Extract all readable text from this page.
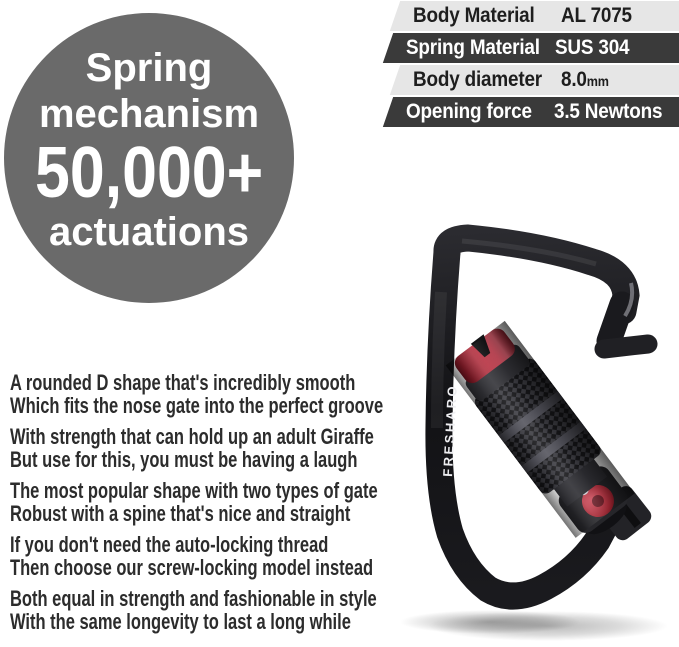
Spring
mechanism
50,000+
actuations
Body Material	AL 7075
Spring Material SUS 304
Body diameter 8.0mm
Opening force	3.5 Newtons
A rounded D shape that's incredibly smooth
Which fits the nose gate into the perfect groove
With strength that can hold up an adult Giraffe
But use for this, you must be having a laugh
The most popular shape with two types of gate
Robust with a spine that's nice and straight
If you don't need the auto-locking thread
Then choose our screw-locking model instead
Both equal in strength and fashionable in style
With the same longevity to last a long while
FRESHARO
